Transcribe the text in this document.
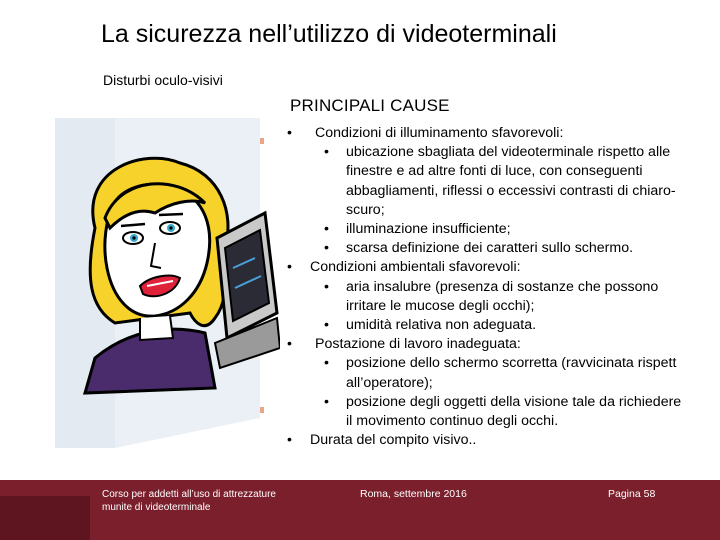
La sicurezza nell’utilizzo di videoterminali
Disturbi oculo-visivi
PRINCIPALI CAUSE
• Condizioni di illuminamento sfavorevoli:
• ubicazione sbagliata del videoterminale rispetto alle
finestre e ad altre fonti di luce, con conseguenti
abbagliamenti, riflessi o eccessivi contrasti di chiaro-
scuro;
• illuminazione insufficiente;
• scarsa definizione dei caratteri sullo schermo.
• Condizioni ambientali sfavorevoli:
• aria insalubre (presenza di sostanze che possono
irritare le mucose degli occhi);
• umidità relativa non adeguata.
• Postazione di lavoro inadeguata:
• posizione dello schermo scorretta (ravvicinata rispett
all’operatore);
• posizione degli oggetti della visione tale da richiedere
il movimento continuo degli occhi.
• Durata del compito visivo..
Corso per addetti all’uso di attrezzature
munite di videoterminale
Roma, settembre 2016	Pagina 58
